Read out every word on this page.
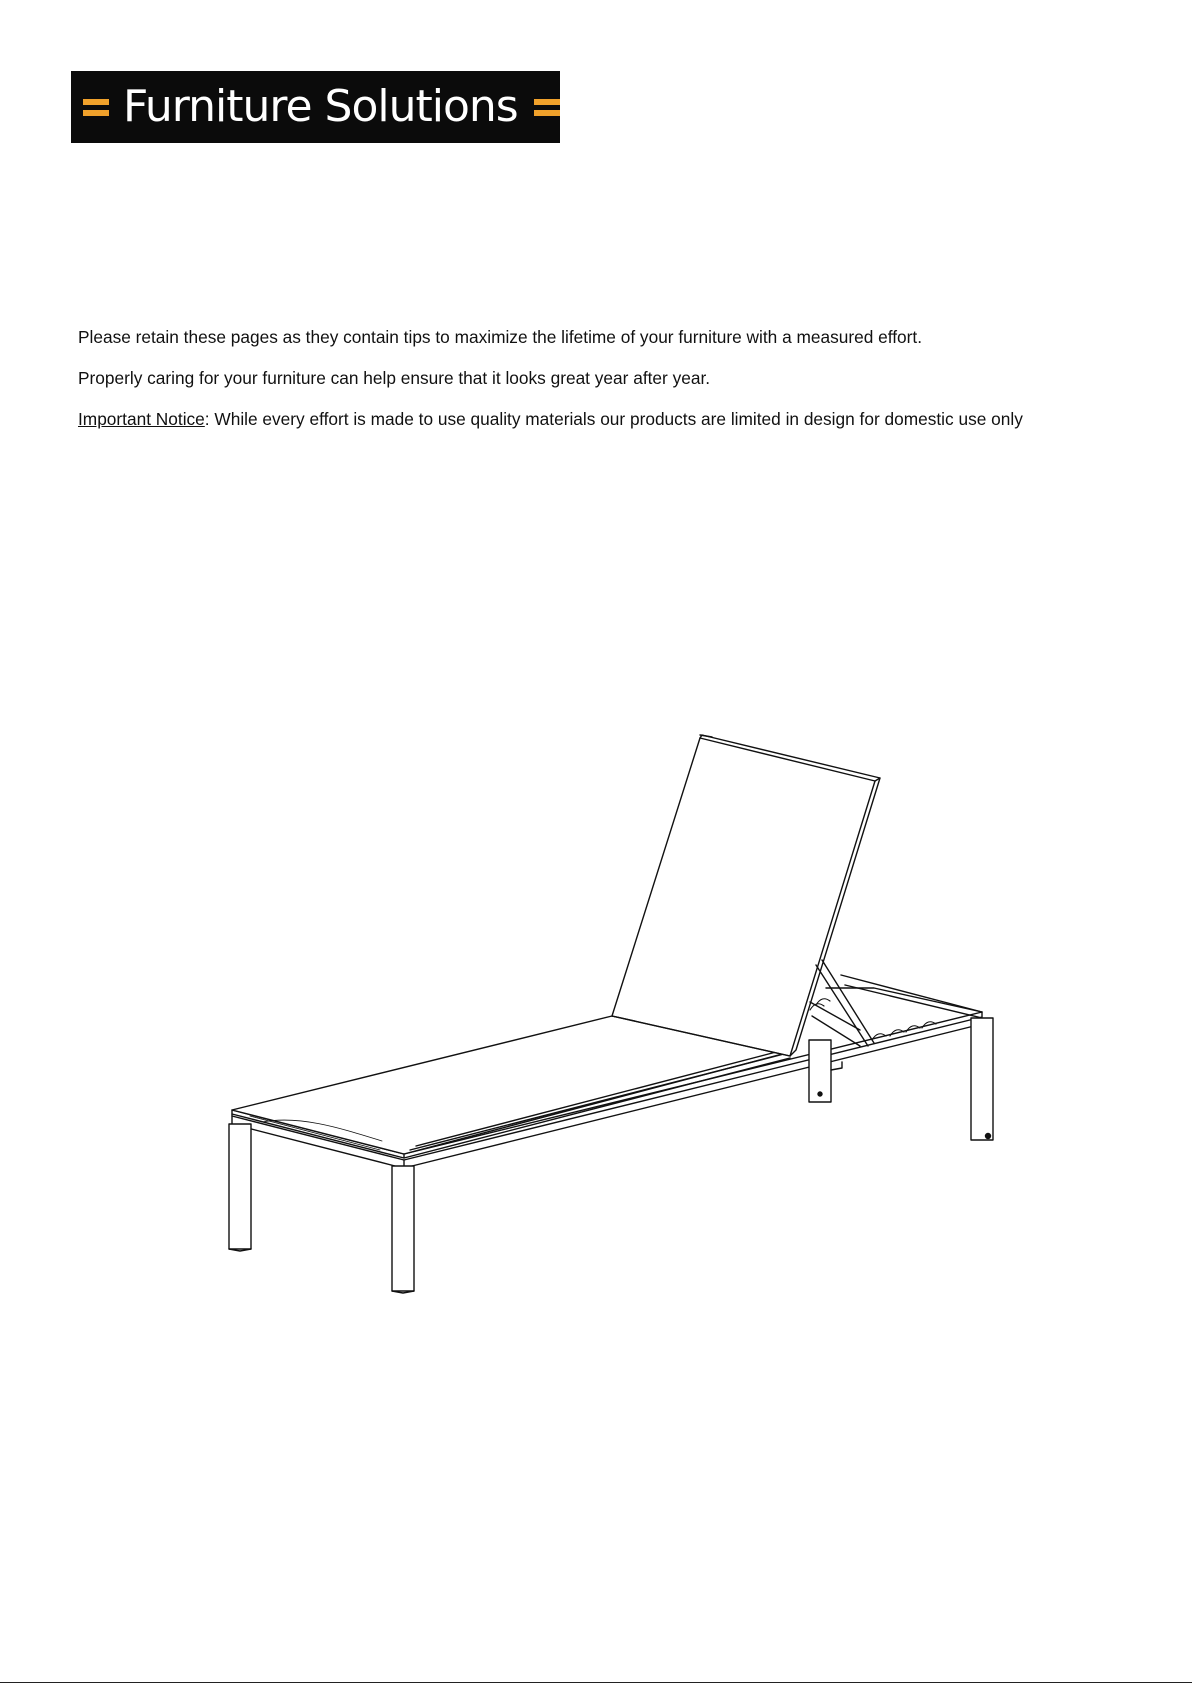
Furniture Solutions

Please retain these pages as they contain tips to maximize the lifetime of your furniture with a measured effort.

Properly caring for your furniture can help ensure that it looks great year after year.

Important Notice: While every effort is made to use quality materials our products are limited in design for domestic use only
